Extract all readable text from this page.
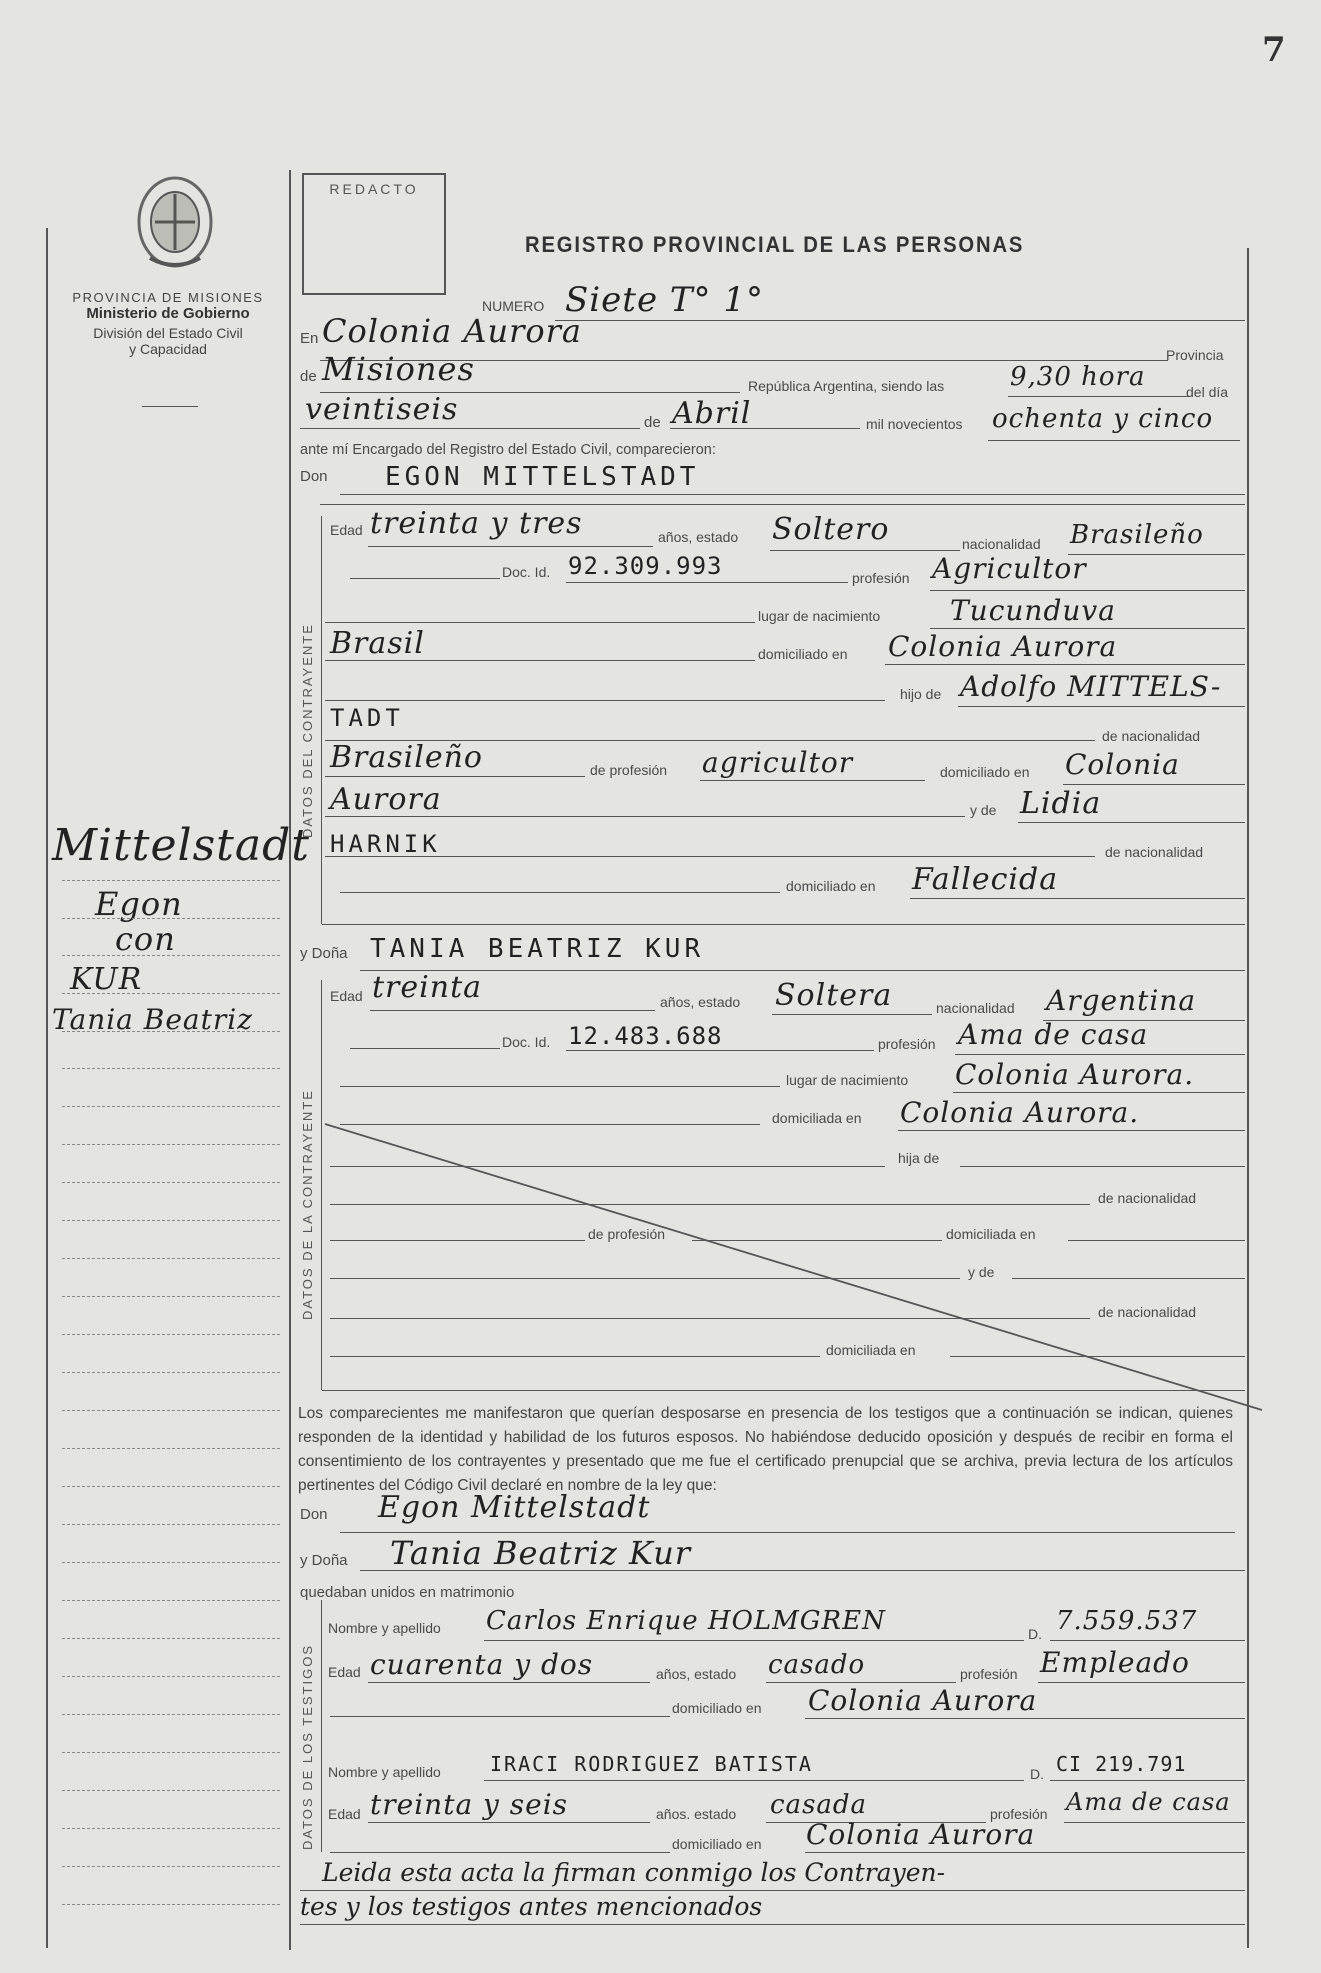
7
PROVINCIA DE MISIONES
Ministerio de Gobierno
División del Estado Civil
y Capacidad
Mittelstadt
Egon
con
KUR
Tania Beatriz
REDACTO
REGISTRO PROVINCIAL DE LAS PERSONAS
NUMERO Siete T° 1°
En Colonia Aurora
Provincia
de Misiones	República Argentina, siendo las	9,30 hora	del día
veintiseis	de Abril	mil novecientos ochenta y cinco
ante mí Encargado del Registro del Estado Civil, comparecieron:
Don EGON MITTELSTADT
DATOS DEL CONTRAYENTE
Edad treinta y tres	años, estado Soltero	nacionalidad Brasileño
Doc. Id. 92.309.993	profesión Agricultor
lugar de nacimiento Tucunduva
Brasil	domiciliado en Colonia Aurora
hijo de Adolfo MITTELS-
TADT
de nacionalidad
Brasileño	de profesión agricultor	domiciliado en Colonia
Aurora	y de Lidia
HARNIK	de nacionalidad
domiciliado en Fallecida
y Doña TANIA BEATRIZ KUR
DATOS DE LA CONTRAYENTE
Edad treinta	años, estado Soltera	nacionalidad Argentina
Doc. Id. 12.483.688	profesión Ama de casa
lugar de nacimiento Colonia Aurora.
domiciliada en Colonia Aurora.
hija de
de nacionalidad
de profesión	domiciliada en
y de
de nacionalidad
domiciliada en
Los comparecientes me manifestaron que querían desposarse en presencia de los testigos que a continuación se indican, quienes responden de la identidad y habilidad de los futuros esposos. No habiéndose deducido oposición y después de recibir en forma el consentimiento de los contrayentes y presentado que me fue el certificado prenupcial que se archiva, previa lectura de los artículos pertinentes del Código Civil declaré en nombre de la ley que:
Don Egon Mittelstadt
y Doña Tania Beatriz Kur
quedaban unidos en matrimonio
DATOS DE LOS TESTIGOS
Nombre y apellido Carlos Enrique HOLMGREN	D. 7.559.537
Edad cuarenta y dos	años, estado casado	profesión Empleado
domiciliado en Colonia Aurora
Nombre y apellido IRACI RODRIGUEZ BATISTA	D. CI 219.791
Edad treinta y seis	años. estado casada	profesión Ama de casa
domiciliado en Colonia Aurora
Leida esta acta la firman conmigo los Contrayen-
tes y los testigos antes mencionados
